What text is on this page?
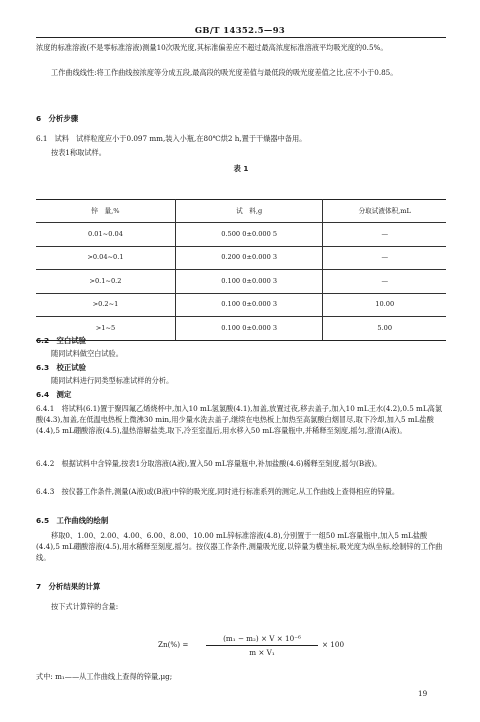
GB/T 14352.5—93
浓度的标准溶液(不是零标准溶液)测量10次吸光度,其标准偏差应不超过最高浓度标准溶液平均吸光度的0.5%。
工作曲线线性:将工作曲线按浓度等分成五段,最高段的吸光度差值与最低段的吸光度差值之比,应不小于0.85。
6　分析步骤
6.1　试料　试样粒度应小于0.097 mm,装入小瓶,在80℃烘2 h,置于干燥器中备用。
按表1称取试样。
表 1
锌　量,%	试　料,g	分取试液体积,mL
0.01~0.04	0.500 0±0.000 5	—
>0.04~0.1	0.200 0±0.000 3	—
>0.1~0.2	0.100 0±0.000 3	—
>0.2~1	0.100 0±0.000 3	10.00
>1~5	0.100 0±0.000 3	5.00
6.2　空白试验
随同试料做空白试验。
6.3　校正试验
随同试料进行同类型标准试样的分析。
6.4　测定
6.4.1　将试料(6.1)置于聚四氟乙烯烧杯中,加入10 mL氢氯酸(4.1),加盖,放置过夜,移去盖子,加入10 mL王水(4.2),0.5 mL高氯酸(4.3),加盖,在低温电热板上微沸30 min,用少量水洗去盖子,继续在电热板上加热至高氯酸白烟冒尽,取下冷却,加入5 mL盐酸(4.4),5 mL硼酸溶液(4.5),温热溶解盐类,取下,冷至室温后,用水移入50 mL容量瓶中,并稀释至刻度,摇匀,澄清(A液)。
6.4.2　根据试料中含锌量,按表1分取溶液(A液),置入50 mL容量瓶中,补加盐酸(4.6)稀释至刻度,摇匀(B液)。
6.4.3　按仪器工作条件,测量(A液)或(B液)中锌的吸光度,同时进行标准系列的测定,从工作曲线上查得相应的锌量。
6.5　工作曲线的绘制
移取0、1.00、2.00、4.00、6.00、8.00、10.00 mL锌标准溶液(4.8),分别置于一组50 mL容量瓶中,加入5 mL盐酸(4.4),5 mL硼酸溶液(4.5),用水稀释至刻度,摇匀。按仪器工作条件,测量吸光度,以锌量为横坐标,吸光度为纵坐标,绘制锌的工作曲线。
7　分析结果的计算
按下式计算锌的含量:
$Zn(\%) = \frac{\text{(m₁ − m₂) × V × 10⁻⁶}}{\text{m × V₁}} \times 100$
式中: m₁——从工作曲线上查得的锌量,μg;
19
